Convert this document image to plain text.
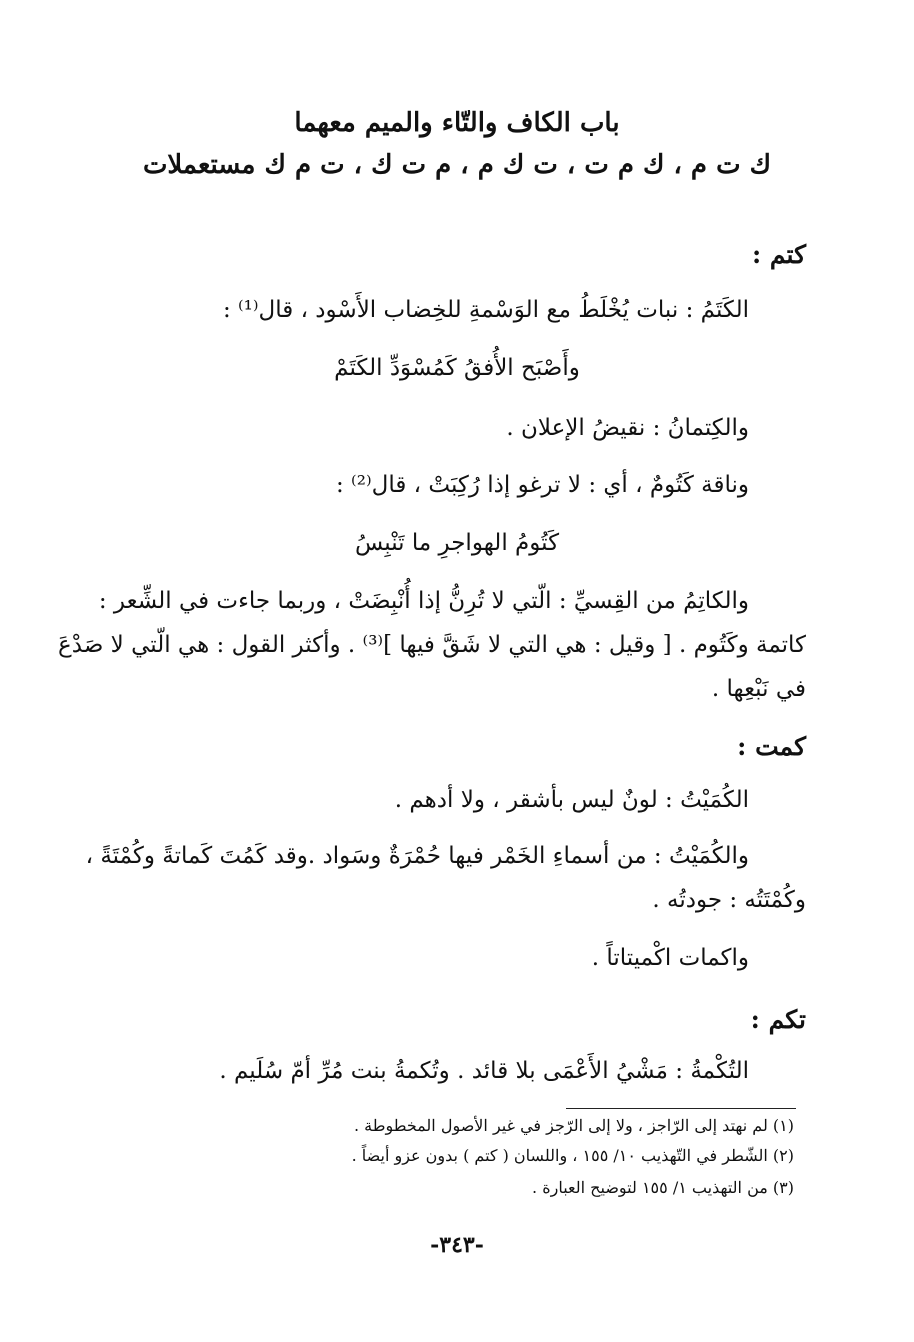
باب الكاف والتّاء والميم معهما
ك ت م ، ك م ت ، ت ك م ، م ت ك ، ت م ك مستعملات
كتم :
الكَتَمُ : نبات يُخْلَطُ مع الوَسْمةِ للخِضاب الأَسْود ، قال⁽¹⁾ :
وأَصْبَح الأُفقُ كَمُسْوَدِّ الكَتَمْ
والكِتمانُ : نقيضُ الإعلان .
وناقة كَتُومٌ ، أي : لا ترغو إذا رُكِبَتْ ، قال⁽²⁾ :
كَتُومُ الهواجرِ ما تَنْبِسُ
والكاتِمُ من القِسيِّ : الّتي لا تُرِنُّ إذا أُنْبِضَتْ ، وربما جاءت في الشِّعر :
كاتمة وكَتُوم . [ وقيل : هي التي لا شَقَّ فيها ]⁽³⁾ . وأكثر القول : هي الّتي لا صَدْعَ
في نَبْعِها .
كمت :
الكُمَيْتُ : لونٌ ليس بأشقر ، ولا أدهم .
والكُمَيْتُ : من أسماءِ الخَمْر فيها حُمْرَةٌ وسَواد .وقد كَمُتَ كَماتةً وكُمْتَةً ،
وكُمْتَتُه : جودتُه .
واكمات اكْميتاتاً .
تكم :
التُكْمةُ : مَشْيُ الأَعْمَى بلا قائد . وتُكمةُ بنت مُرِّ أمّ سُلَيم .
(١) لم نهتد إلى الرّاجز ، ولا إلى الرّجز في غير الأصول المخطوطة .
(٢) الشّطر في التّهذيب ١٠/ ١٥٥ ، واللسان ( كتم ) بدون عزو أيضاً .
(٣) من التهذيب ١/ ١٥٥ لتوضيح العبارة .
-٣٤٣-
